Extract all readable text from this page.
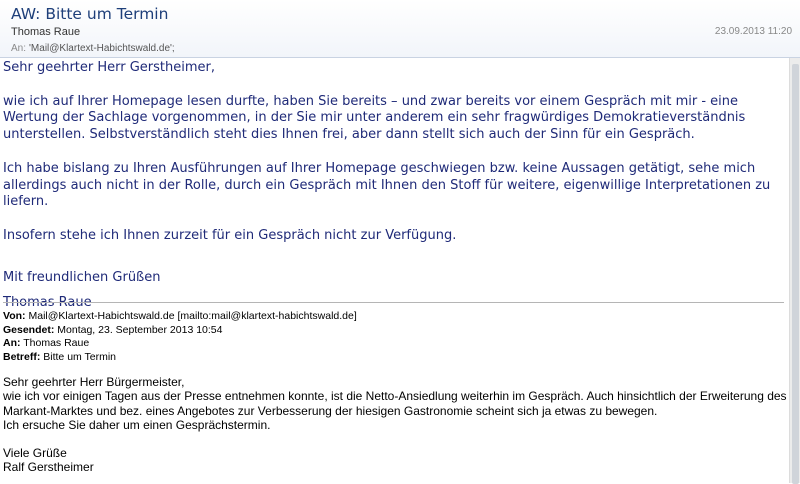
AW: Bitte um Termin
Thomas Raue	23.09.2013 11:20
An: 'Mail@Klartext-Habichtswald.de';

Sehr geehrter Herr Gerstheimer,

wie ich auf Ihrer Homepage lesen durfte, haben Sie bereits – und zwar bereits vor einem Gespräch mit mir - eine Wertung der Sachlage vorgenommen, in der Sie mir unter anderem ein sehr fragwürdiges Demokratieverständnis unterstellen. Selbstverständlich steht dies Ihnen frei, aber dann stellt sich auch der Sinn für ein Gespräch.

Ich habe bislang zu Ihren Ausführungen auf Ihrer Homepage geschwiegen bzw. keine Aussagen getätigt, sehe mich allerdings auch nicht in der Rolle, durch ein Gespräch mit Ihnen den Stoff für weitere, eigenwillige Interpretationen zu liefern.

Insofern stehe ich Ihnen zurzeit für ein Gespräch nicht zur Verfügung.

Mit freundlichen Grüßen

Thomas Raue

Von: Mail@Klartext-Habichtswald.de [mailto:mail@klartext-habichtswald.de]
Gesendet: Montag, 23. September 2013 10:54
An: Thomas Raue
Betreff: Bitte um Termin

Sehr geehrter Herr Bürgermeister,

wie ich vor einigen Tagen aus der Presse entnehmen konnte, ist die Netto-Ansiedlung weiterhin im Gespräch. Auch hinsichtlich der Erweiterung des Markant-Marktes und bez. eines Angebotes zur Verbesserung der hiesigen Gastronomie scheint sich ja etwas zu bewegen.

Ich ersuche Sie daher um einen Gesprächstermin.

Viele Grüße

Ralf Gerstheimer
